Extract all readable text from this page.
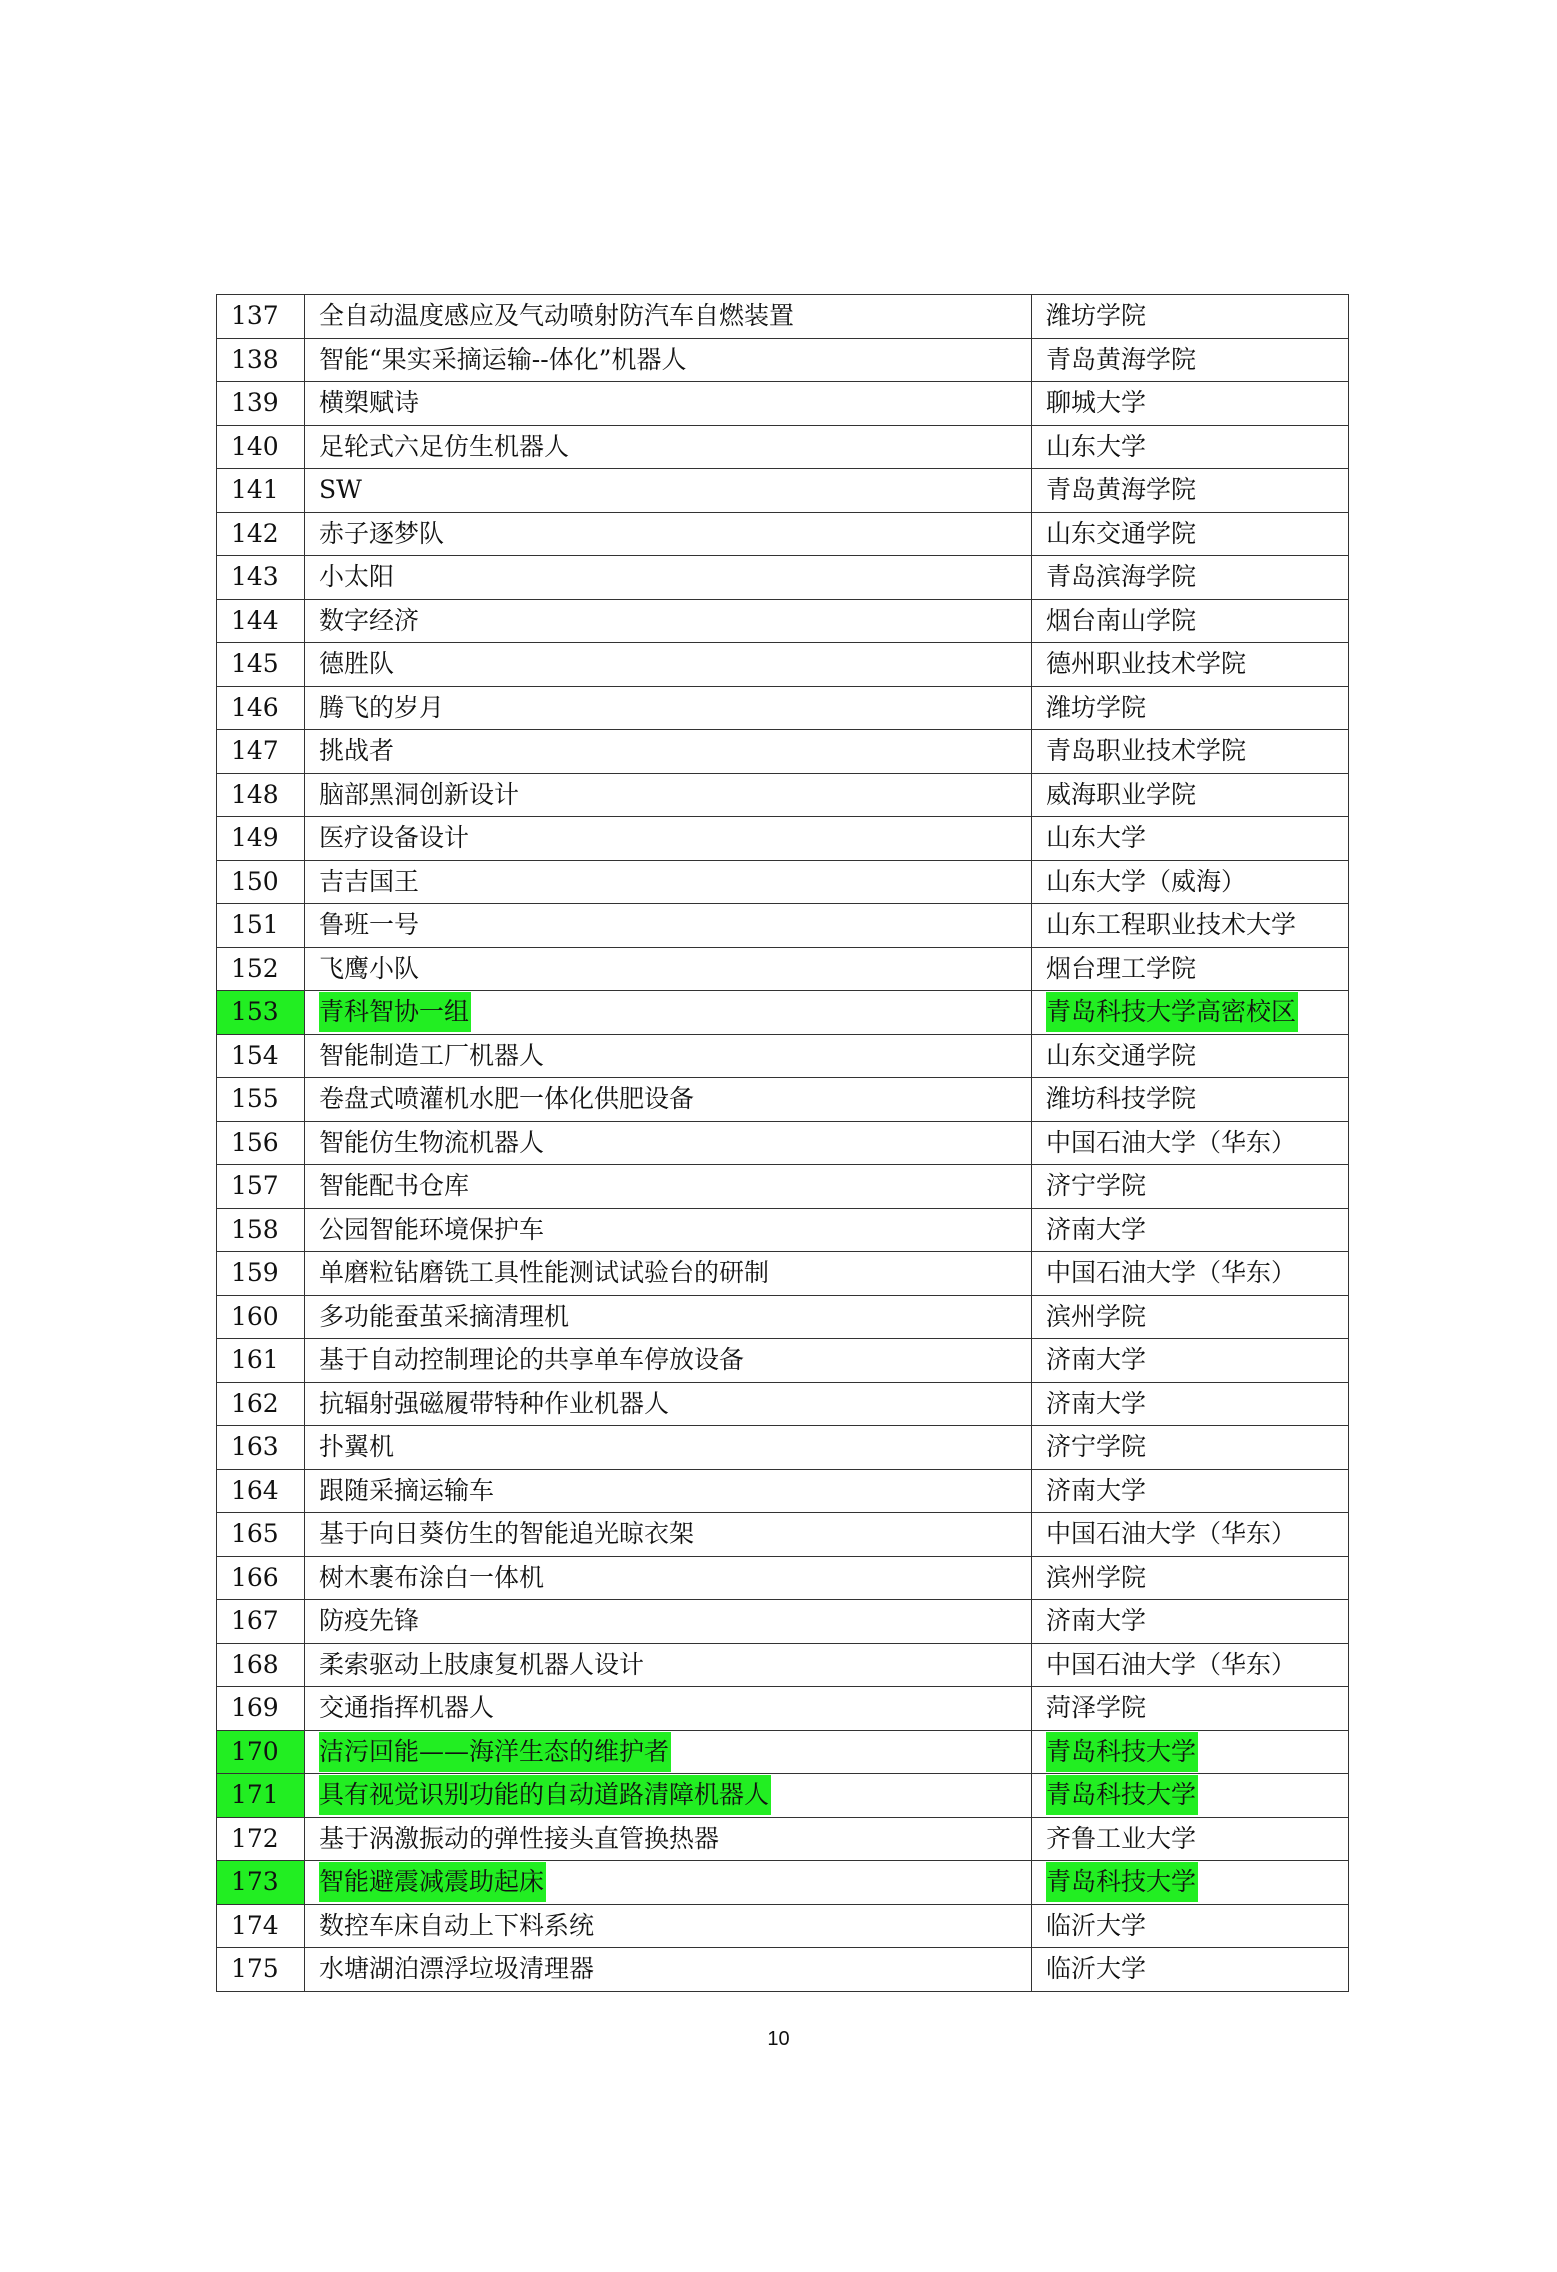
137	全自动温度感应及气动喷射防汽车自燃装置	潍坊学院
138	智能“果实采摘运输--体化”机器人	青岛黄海学院
139	横槊赋诗	聊城大学
140	足轮式六足仿生机器人	山东大学
141	SW	青岛黄海学院
142	赤子逐梦队	山东交通学院
143	小太阳	青岛滨海学院
144	数字经济	烟台南山学院
145	德胜队	德州职业技术学院
146	腾飞的岁月	潍坊学院
147	挑战者	青岛职业技术学院
148	脑部黑洞创新设计	威海职业学院
149	医疗设备设计	山东大学
150	吉吉国王	山东大学（威海）
151	鲁班一号	山东工程职业技术大学
152	飞鹰小队	烟台理工学院
153	青科智协一组	青岛科技大学高密校区
154	智能制造工厂机器人	山东交通学院
155	卷盘式喷灌机水肥一体化供肥设备	潍坊科技学院
156	智能仿生物流机器人	中国石油大学（华东）
157	智能配书仓库	济宁学院
158	公园智能环境保护车	济南大学
159	单磨粒钻磨铣工具性能测试试验台的研制	中国石油大学（华东）
160	多功能蚕茧采摘清理机	滨州学院
161	基于自动控制理论的共享单车停放设备	济南大学
162	抗辐射强磁履带特种作业机器人	济南大学
163	扑翼机	济宁学院
164	跟随采摘运输车	济南大学
165	基于向日葵仿生的智能追光晾衣架	中国石油大学（华东）
166	树木裹布涂白一体机	滨州学院
167	防疫先锋	济南大学
168	柔索驱动上肢康复机器人设计	中国石油大学（华东）
169	交通指挥机器人	菏泽学院
170	洁污回能——海洋生态的维护者	青岛科技大学
171	具有视觉识别功能的自动道路清障机器人	青岛科技大学
172	基于涡激振动的弹性接头直管换热器	齐鲁工业大学
173	智能避震减震助起床	青岛科技大学
174	数控车床自动上下料系统	临沂大学
175	水塘湖泊漂浮垃圾清理器	临沂大学
10
